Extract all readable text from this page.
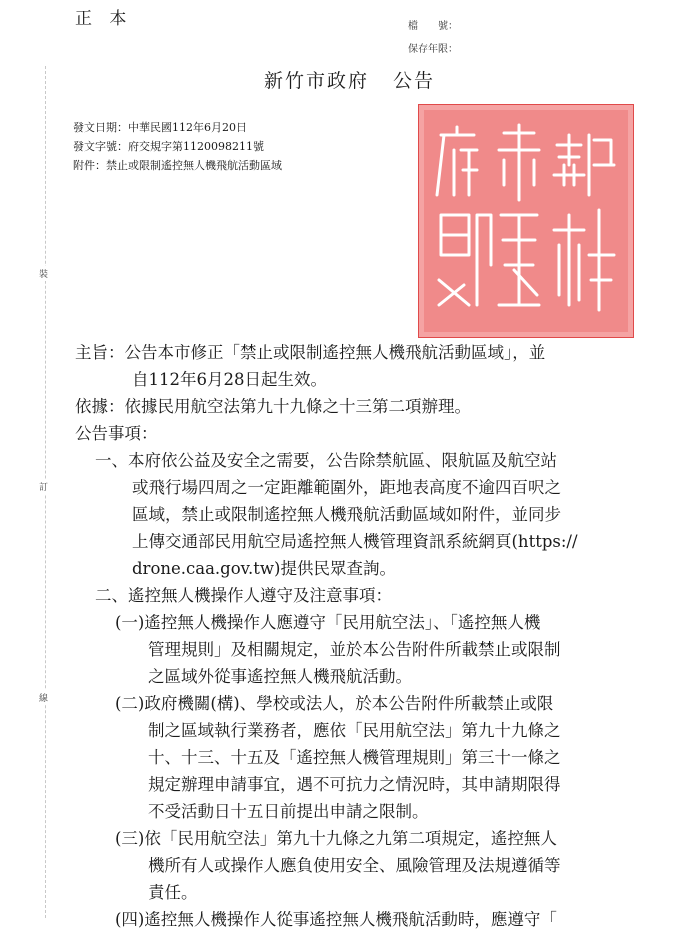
正 本	檔　　號：
保存年限：
新竹市政府 公告
發文日期：中華民國112年6月20日
發文字號：府交規字第1120098211號
附件：禁止或限制遙控無人機飛航活動區域
裝
訂
線
主旨：公告本市修正「禁止或限制遙控無人機飛航活動區域」，並
自112年6月28日起生效。
依據：依據民用航空法第九十九條之十三第二項辦理。
公告事項：
一、本府依公益及安全之需要，公告除禁航區、限航區及航空站
或飛行場四周之一定距離範圍外，距地表高度不逾四百呎之
區域，禁止或限制遙控無人機飛航活動區域如附件，並同步
上傳交通部民用航空局遙控無人機管理資訊系統網頁(https://
drone.caa.gov.tw)提供民眾查詢。
二、遙控無人機操作人遵守及注意事項：
(一)遙控無人機操作人應遵守「民用航空法」、「遙控無人機
管理規則」及相關規定，並於本公告附件所載禁止或限制
之區域外從事遙控無人機飛航活動。
(二)政府機關(構)、學校或法人，於本公告附件所載禁止或限
制之區域執行業務者，應依「民用航空法」第九十九條之
十、十三、十五及「遙控無人機管理規則」第三十一條之
規定辦理申請事宜，遇不可抗力之情況時，其申請期限得
不受活動日十五日前提出申請之限制。
(三)依「民用航空法」第九十九條之九第二項規定，遙控無人
機所有人或操作人應負使用安全、風險管理及法規遵循等
責任。
(四)遙控無人機操作人從事遙控無人機飛航活動時，應遵守「
